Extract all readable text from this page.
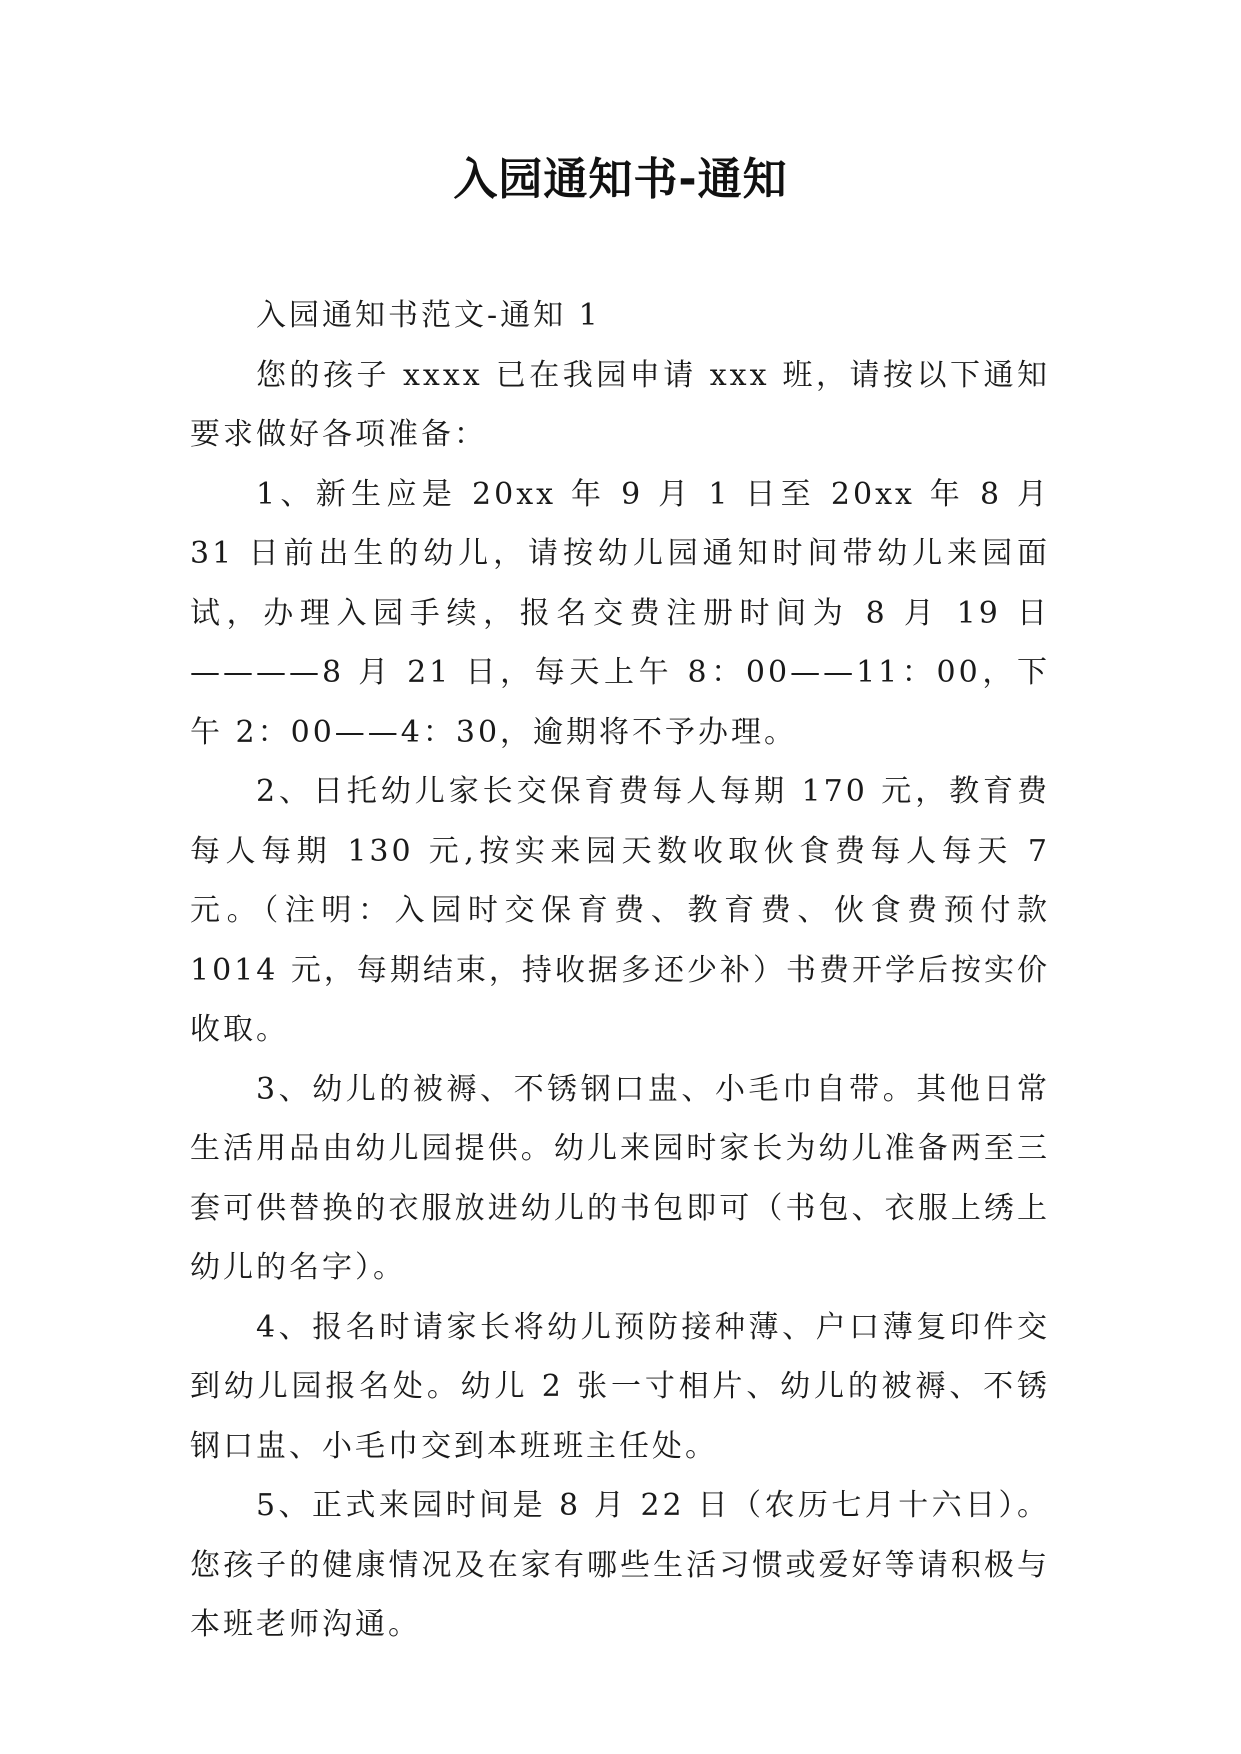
入园通知书-通知

入园通知书范文-通知 1

您的孩子 xxxx 已在我园申请 xxx 班，请按以下通知要求做好各项准备：

1、新生应是 20xx 年 9 月 1 日至 20xx 年 8 月 31 日前出生的幼儿，请按幼儿园通知时间带幼儿来园面试，办理入园手续，报名交费注册时间为 8 月 19 日————8 月 21 日，每天上午 8：00——11：00，下午 2：00——4：30，逾期将不予办理。

2、日托幼儿家长交保育费每人每期 170 元，教育费每人每期 130 元,按实来园天数收取伙食费每人每天 7 元。（注明：入园时交保育费、教育费、伙食费预付款 1014 元，每期结束，持收据多还少补）书费开学后按实价收取。

3、幼儿的被褥、不锈钢口盅、小毛巾自带。其他日常生活用品由幼儿园提供。幼儿来园时家长为幼儿准备两至三套可供替换的衣服放进幼儿的书包即可（书包、衣服上绣上幼儿的名字）。

4、报名时请家长将幼儿预防接种薄、户口薄复印件交到幼儿园报名处。幼儿 2 张一寸相片、幼儿的被褥、不锈钢口盅、小毛巾交到本班班主任处。

5、正式来园时间是 8 月 22 日（农历七月十六日）。您孩子的健康情况及在家有哪些生活习惯或爱好等请积极与本班老师沟通。
